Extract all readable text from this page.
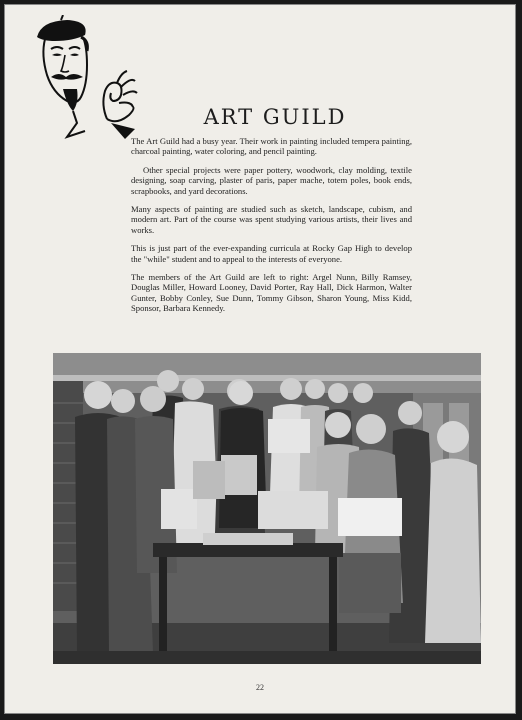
ART GUILD

The Art Guild had a busy year. Their work in painting included tempera painting, charcoal painting, water coloring, and pencil painting.

Other special projects were paper pottery, woodwork, clay molding, textile designing, soap carving, plaster of paris, paper mache, totem poles, book ends, scrapbooks, and yard decorations.

Many aspects of painting are studied such as sketch, landscape, cubism, and modern art. Part of the course was spent studying various artists, their lives and works.

This is just part of the ever-expanding curricula at Rocky Gap High to develop the "while" student and to appeal to the interests of everyone.

The members of the Art Guild are left to right: Argel Nunn, Billy Ramsey, Douglas Miller, Howard Looney, David Porter, Ray Hall, Dick Harmon, Walter Gunter, Bobby Conley, Sue Dunn, Tommy Gibson, Sharon Young, Miss Kidd, Sponsor, Barbara Kennedy.

22
